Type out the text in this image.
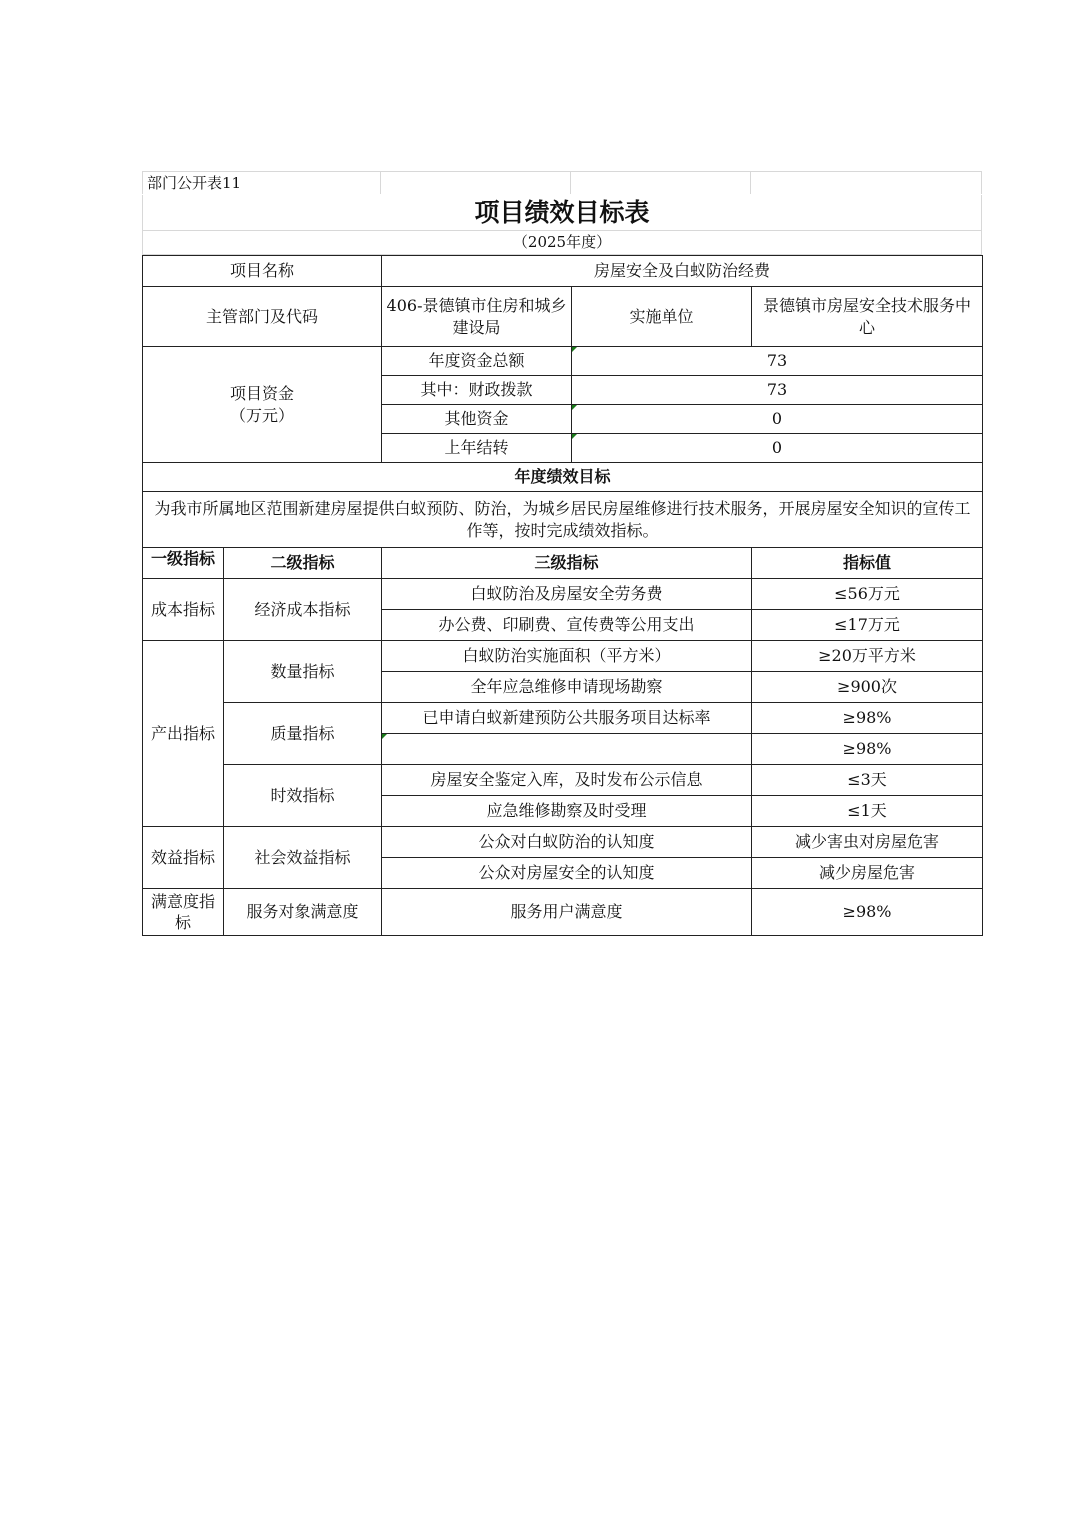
部门公开表11
项目绩效目标表
（2025年度）
项目名称		房屋安全及白蚁防治经费		
主管部门及代码		406-景德镇市住房和城乡建设局	实施单位	景德镇市房屋安全技术服务中心

项目资金
（万元）		年度资金总额	73	
		其中：财政拨款	73	
		其他资金	0	
		上年结转	0	
年度绩效目标				
为我市所属地区范围新建房屋提供白蚁预防、防治，为城乡居民房屋维修进行技术服务，开展房屋安全知识的宣传工作等，按时完成绩效指标。				

一级指标	二级指标	三级指标		指标值
成本指标	经济成本指标	白蚁防治及房屋安全劳务费		≤56万元
		办公费、印刷费、宣传费等公用支出		≤17万元
产出指标	数量指标	白蚁防治实施面积（平方米）		≥20万平方米
		全年应急维修申请现场勘察		≥900次
	质量指标	已申请白蚁新建预防公共服务项目达标率		≥98%
				≥98%
	时效指标	房屋安全鉴定入库，及时发布公示信息		≤3天
		应急维修勘察及时受理		≤1天
效益指标	社会效益指标	公众对白蚁防治的认知度		减少害虫对房屋危害
		公众对房屋安全的认知度		减少房屋危害
满意度指标	服务对象满意度	服务用户满意度		≥98%
